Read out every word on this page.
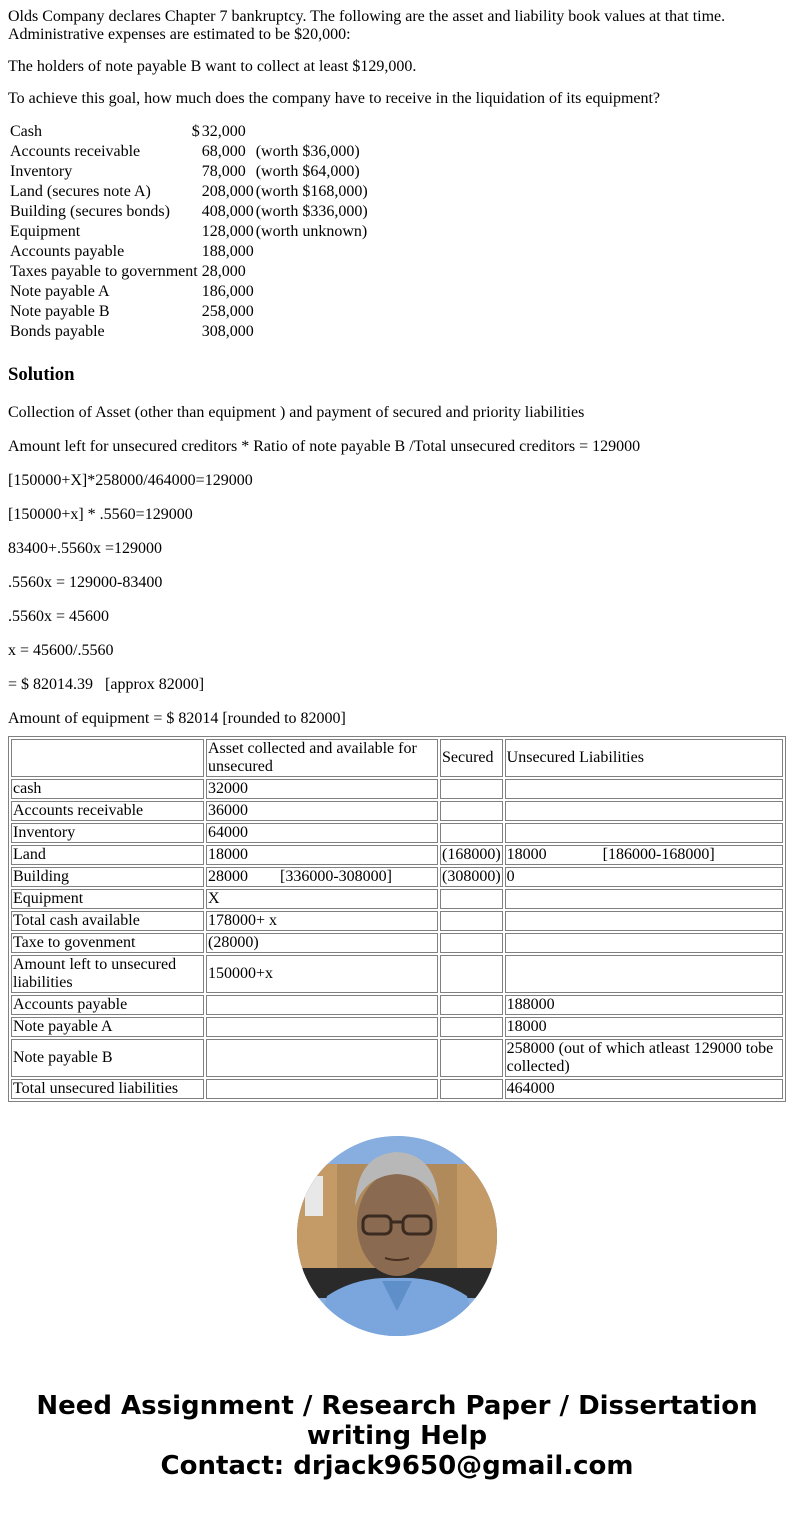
Olds Company declares Chapter 7 bankruptcy. The following are the asset and liability book values at that time. Administrative expenses are estimated to be $20,000:

The holders of note payable B want to collect at least $129,000.

To achieve this goal, how much does the company have to receive in the liquidation of its equipment?

Cash	$ 32,000	
Accounts receivable	68,000	(worth $36,000)
Inventory	78,000	(worth $64,000)
Land (secures note A)	208,000	(worth $168,000)
Building (secures bonds)	408,000	(worth $336,000)
Equipment	128,000	(worth unknown)
Accounts payable	188,000	
Taxes payable to government	28,000	
Note payable A	186,000	
Note payable B	258,000	
Bonds payable	308,000	
Solution

Collection of Asset (other than equipment ) and payment of secured and priority liabilities

Amount left for unsecured creditors * Ratio of note payable B /Total unsecured creditors = 129000

[150000+X]*258000/464000=129000

[150000+x] * .5560=129000

83400+.5560x =129000

.5560x = 129000-83400

.5560x = 45600

x = 45600/.5560

= $ 82014.39   [approx 82000]

Amount of equipment = $ 82014 [rounded to 82000]

	Asset collected and available for unsecured	Secured	Unsecured Liabilities
cash	32000		
Accounts receivable	36000		
Inventory	64000		
Land	18000	(168000)	18000 [186000-168000]
Building	28000 [336000-308000]	(308000)	0
Equipment	X		
Total cash available	178000+ x		
Taxe to govenment	(28000)		
Amount left to unsecured liabilities	150000+x		
Accounts payable			188000
Note payable A			18000
Note payable B			258000 (out of which atleast 129000 tobe collected)
Total unsecured liabilities			464000
Need Assignment / Research Paper / Dissertation writing Help
Contact: drjack9650@gmail.com
